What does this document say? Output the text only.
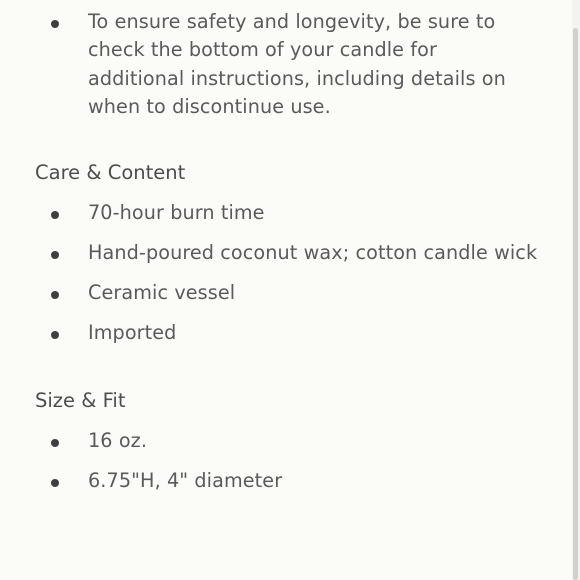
To ensure safety and longevity, be sure to check the bottom of your candle for additional instructions, including details on when to discontinue use.
Care & Content
70-hour burn time
Hand-poured coconut wax; cotton candle wick
Ceramic vessel
Imported
Size & Fit
16 oz.
6.75"H, 4" diameter
